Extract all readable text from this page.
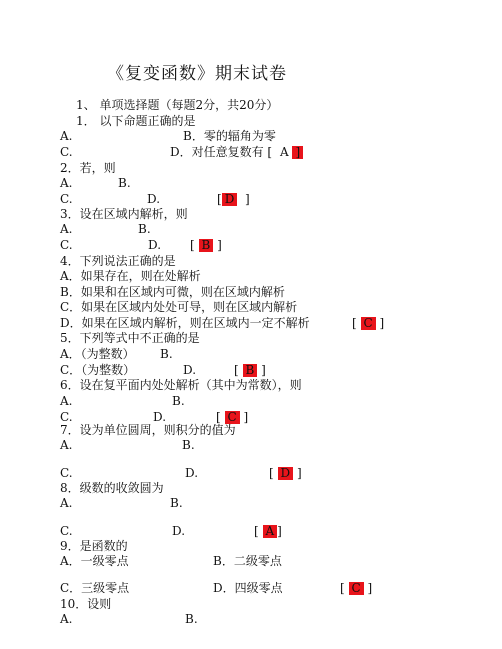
《复变函数》期末试卷
1、 单项选择题（每题2分，共20分）
1． 以下命题正确的是
A.	B．零的辐角为零
C.	D．对任意复数有 [ A ]
2．若，则
A.	B.
C.	D.	[ D  ]
3．设在区域内解析，则
A.	B.
C.	D. [ B ]
4．下列说法正确的是
A．如果存在，则在处解析
B．如果和在区域内可微，则在区域内解析
C．如果在区域内处处可导，则在区域内解析
D．如果在区域内解析，则在区域内一定不解析	[ C ]
5．下列等式中不正确的是
A．（为整数） B.
C．（为整数）	D.	[ B ]
6．设在复平面内处处解析（其中为常数），则
A.	B.
C.	D.	[ C ]
7．设为单位圆周，则积分的值为
A.	B.
C.	D.	[ D ]
8．级数的收敛圆为
A.	B.
C.	D.	[ A ]
9．是函数的
A．一级零点	B．二级零点
C．三级零点	D．四级零点	[ C ]
10．设则
A.	B.
